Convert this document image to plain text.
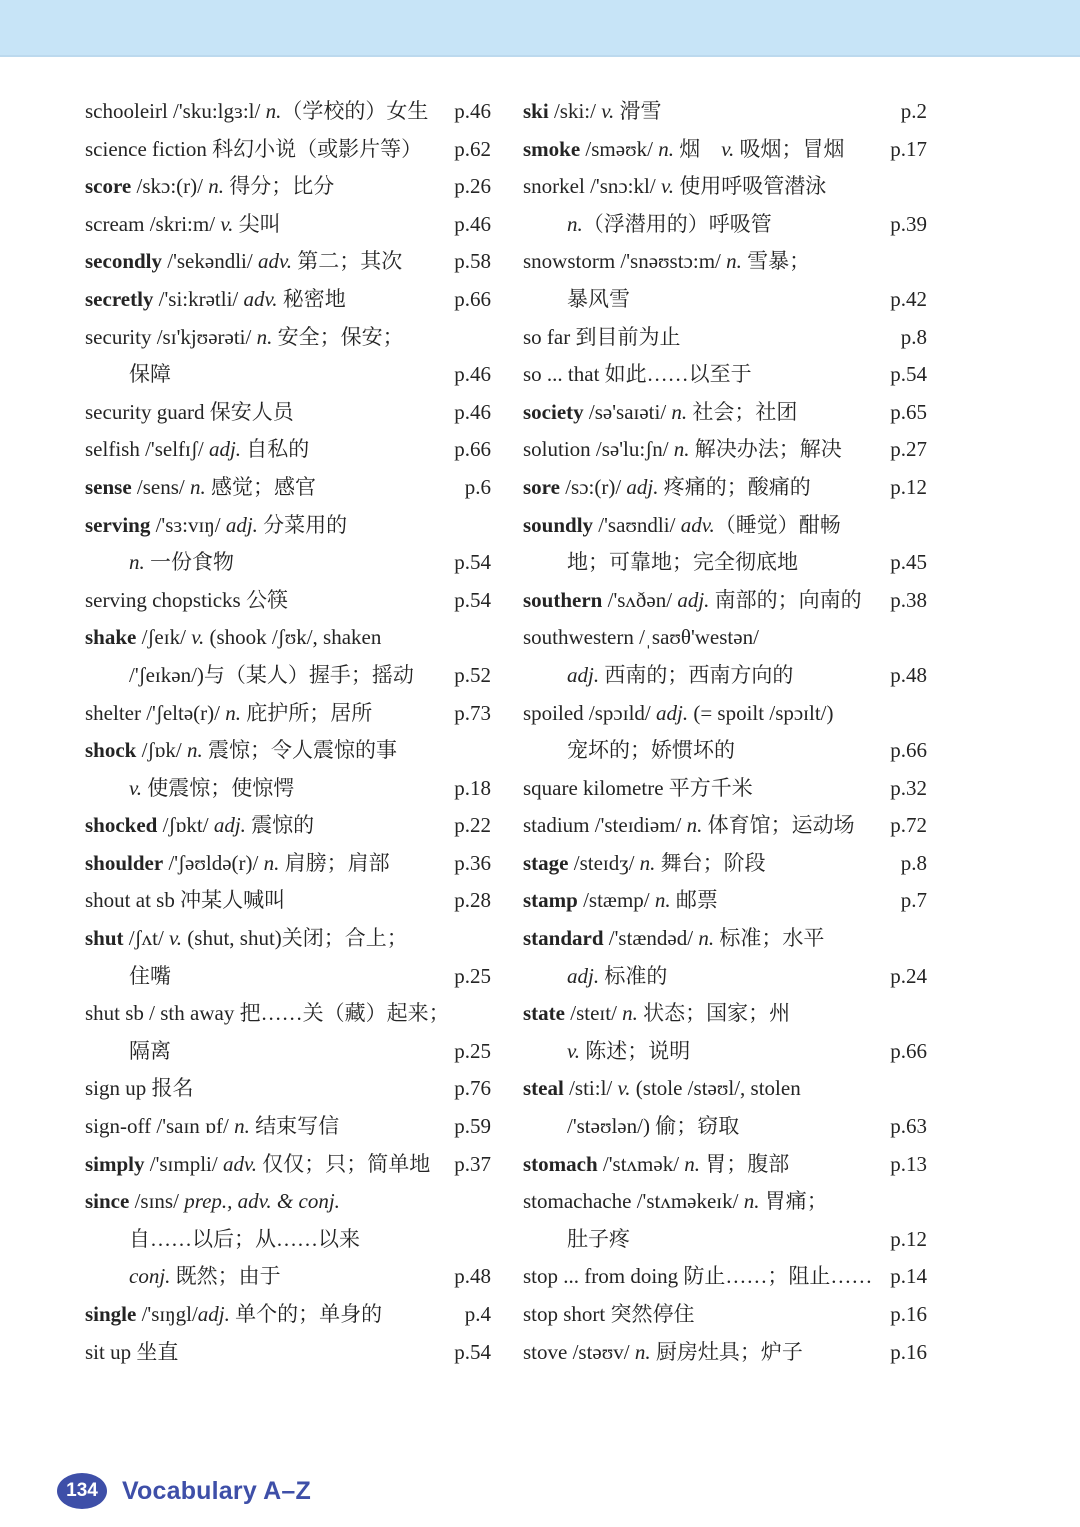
schooleirl /'sku:lgɜ:l/ n.（学校的）女生	p.46
science fiction 科幻小说（或影片等）	p.62
score /skɔ:(r)/ n. 得分；比分	p.26
scream /skri:m/ v. 尖叫	p.46
secondly /'sekəndli/ adv. 第二；其次	p.58
secretly /'si:krətli/ adv. 秘密地	p.66
security /sɪ'kjʊərəti/ n. 安全；保安；
保障	p.46
security guard 保安人员	p.46
selfish /'selfɪʃ/ adj. 自私的	p.66
sense /sens/ n. 感觉；感官	p.6
serving /'sɜ:vɪŋ/ adj. 分菜用的
n. 一份食物	p.54
serving chopsticks 公筷	p.54
shake /ʃeɪk/ v. (shook /ʃʊk/, shaken
/'ʃeɪkən/)与（某人）握手；摇动	p.52
shelter /'ʃeltə(r)/ n. 庇护所；居所	p.73
shock /ʃɒk/ n. 震惊；令人震惊的事
v. 使震惊；使惊愕	p.18
shocked /ʃɒkt/ adj. 震惊的	p.22
shoulder /'ʃəʊldə(r)/ n. 肩膀；肩部	p.36
shout at sb 冲某人喊叫	p.28
shut /ʃʌt/ v. (shut, shut)关闭；合上；
住嘴	p.25
shut sb / sth away 把……关（藏）起来；
隔离	p.25
sign up 报名	p.76
sign-off /'saɪn ɒf/ n. 结束写信	p.59
simply /'sɪmpli/ adv. 仅仅；只；简单地	p.37
since /sɪns/ prep., adv. & conj.
自……以后；从……以来
conj. 既然；由于	p.48
single /'sɪŋgl/adj. 单个的；单身的	p.4
sit up 坐直	p.54
ski /ski:/ v. 滑雪	p.2
smoke /sməʊk/ n. 烟　v. 吸烟；冒烟	p.17
snorkel /'snɔ:kl/ v. 使用呼吸管潜泳
n.（浮潜用的）呼吸管	p.39
snowstorm /'snəʊstɔ:m/ n. 雪暴；
暴风雪	p.42
so far 到目前为止	p.8
so ... that 如此……以至于	p.54
society /sə'saɪəti/ n. 社会；社团	p.65
solution /sə'lu:ʃn/ n. 解决办法；解决	p.27
sore /sɔ:(r)/ adj. 疼痛的；酸痛的	p.12
soundly /'saʊndli/ adv.（睡觉）酣畅
地；可靠地；完全彻底地	p.45
southern /'sʌðən/ adj. 南部的；向南的	p.38
southwestern /ˌsaʊθ'westən/
adj. 西南的；西南方向的	p.48
spoiled /spɔɪld/ adj. (= spoilt /spɔɪlt/)
宠坏的；娇惯坏的	p.66
square kilometre 平方千米	p.32
stadium /'steɪdiəm/ n. 体育馆；运动场	p.72
stage /steɪdʒ/ n. 舞台；阶段	p.8
stamp /stæmp/ n. 邮票	p.7
standard /'stændəd/ n. 标准；水平
adj. 标准的	p.24
state /steɪt/ n. 状态；国家；州
v. 陈述；说明	p.66
steal /sti:l/ v. (stole /stəʊl/, stolen
/'stəʊlən/) 偷；窃取	p.63
stomach /'stʌmək/ n. 胃；腹部	p.13
stomachache /'stʌməkeɪk/ n. 胃痛；
肚子疼	p.12
stop ... from doing 防止……；阻止…… p.14
stop short 突然停住	p.16
stove /stəʊv/ n. 厨房灶具；炉子	p.16
134 Vocabulary A–Z
